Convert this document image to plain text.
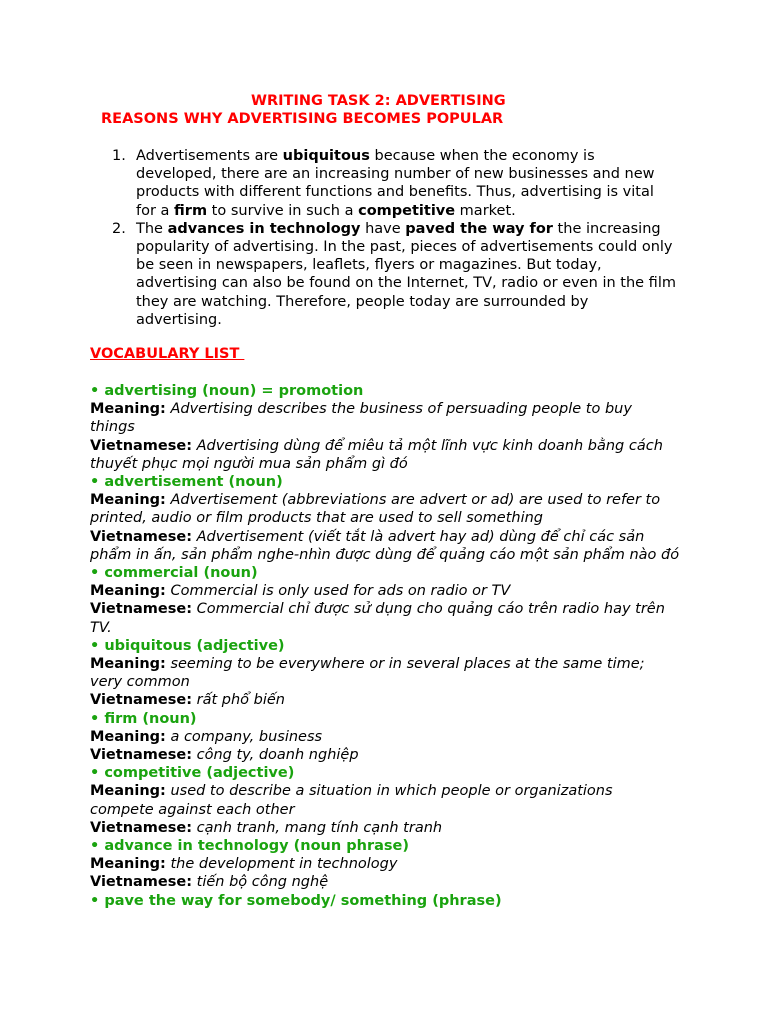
WRITING TASK 2: ADVERTISING
REASONS WHY ADVERTISING BECOMES POPULAR
1. Advertisements are ubiquitous because when the economy is developed, there are an increasing number of new businesses and new products with different functions and benefits. Thus, advertising is vital for a firm to survive in such a competitive market.
2. The advances in technology have paved the way for the increasing popularity of advertising. In the past, pieces of advertisements could only be seen in newspapers, leaflets, flyers or magazines. But today, advertising can also be found on the Internet, TV, radio or even in the film they are watching. Therefore, people today are surrounded by advertising.
VOCABULARY LIST
• advertising (noun) = promotion
Meaning: Advertising describes the business of persuading people to buy things
Vietnamese: Advertising dùng để miêu tả một lĩnh vực kinh doanh bằng cách thuyết phục mọi người mua sản phẩm gì đó
• advertisement (noun)
Meaning: Advertisement (abbreviations are advert or ad) are used to refer to printed, audio or film products that are used to sell something
Vietnamese: Advertisement (viết tắt là advert hay ad) dùng để chỉ các sản phẩm in ấn, sản phẩm nghe-nhìn được dùng để quảng cáo một sản phẩm nào đó
• commercial (noun)
Meaning: Commercial is only used for ads on radio or TV
Vietnamese: Commercial chỉ được sử dụng cho quảng cáo trên radio hay trên TV.
• ubiquitous (adjective)
Meaning: seeming to be everywhere or in several places at the same time; very common
Vietnamese: rất phổ biến
• firm (noun)
Meaning: a company, business
Vietnamese: công ty, doanh nghiệp
• competitive (adjective)
Meaning: used to describe a situation in which people or organizations compete against each other
Vietnamese: cạnh tranh, mang tính cạnh tranh
• advance in technology (noun phrase)
Meaning: the development in technology
Vietnamese: tiến bộ công nghệ
• pave the way for somebody/ something (phrase)
